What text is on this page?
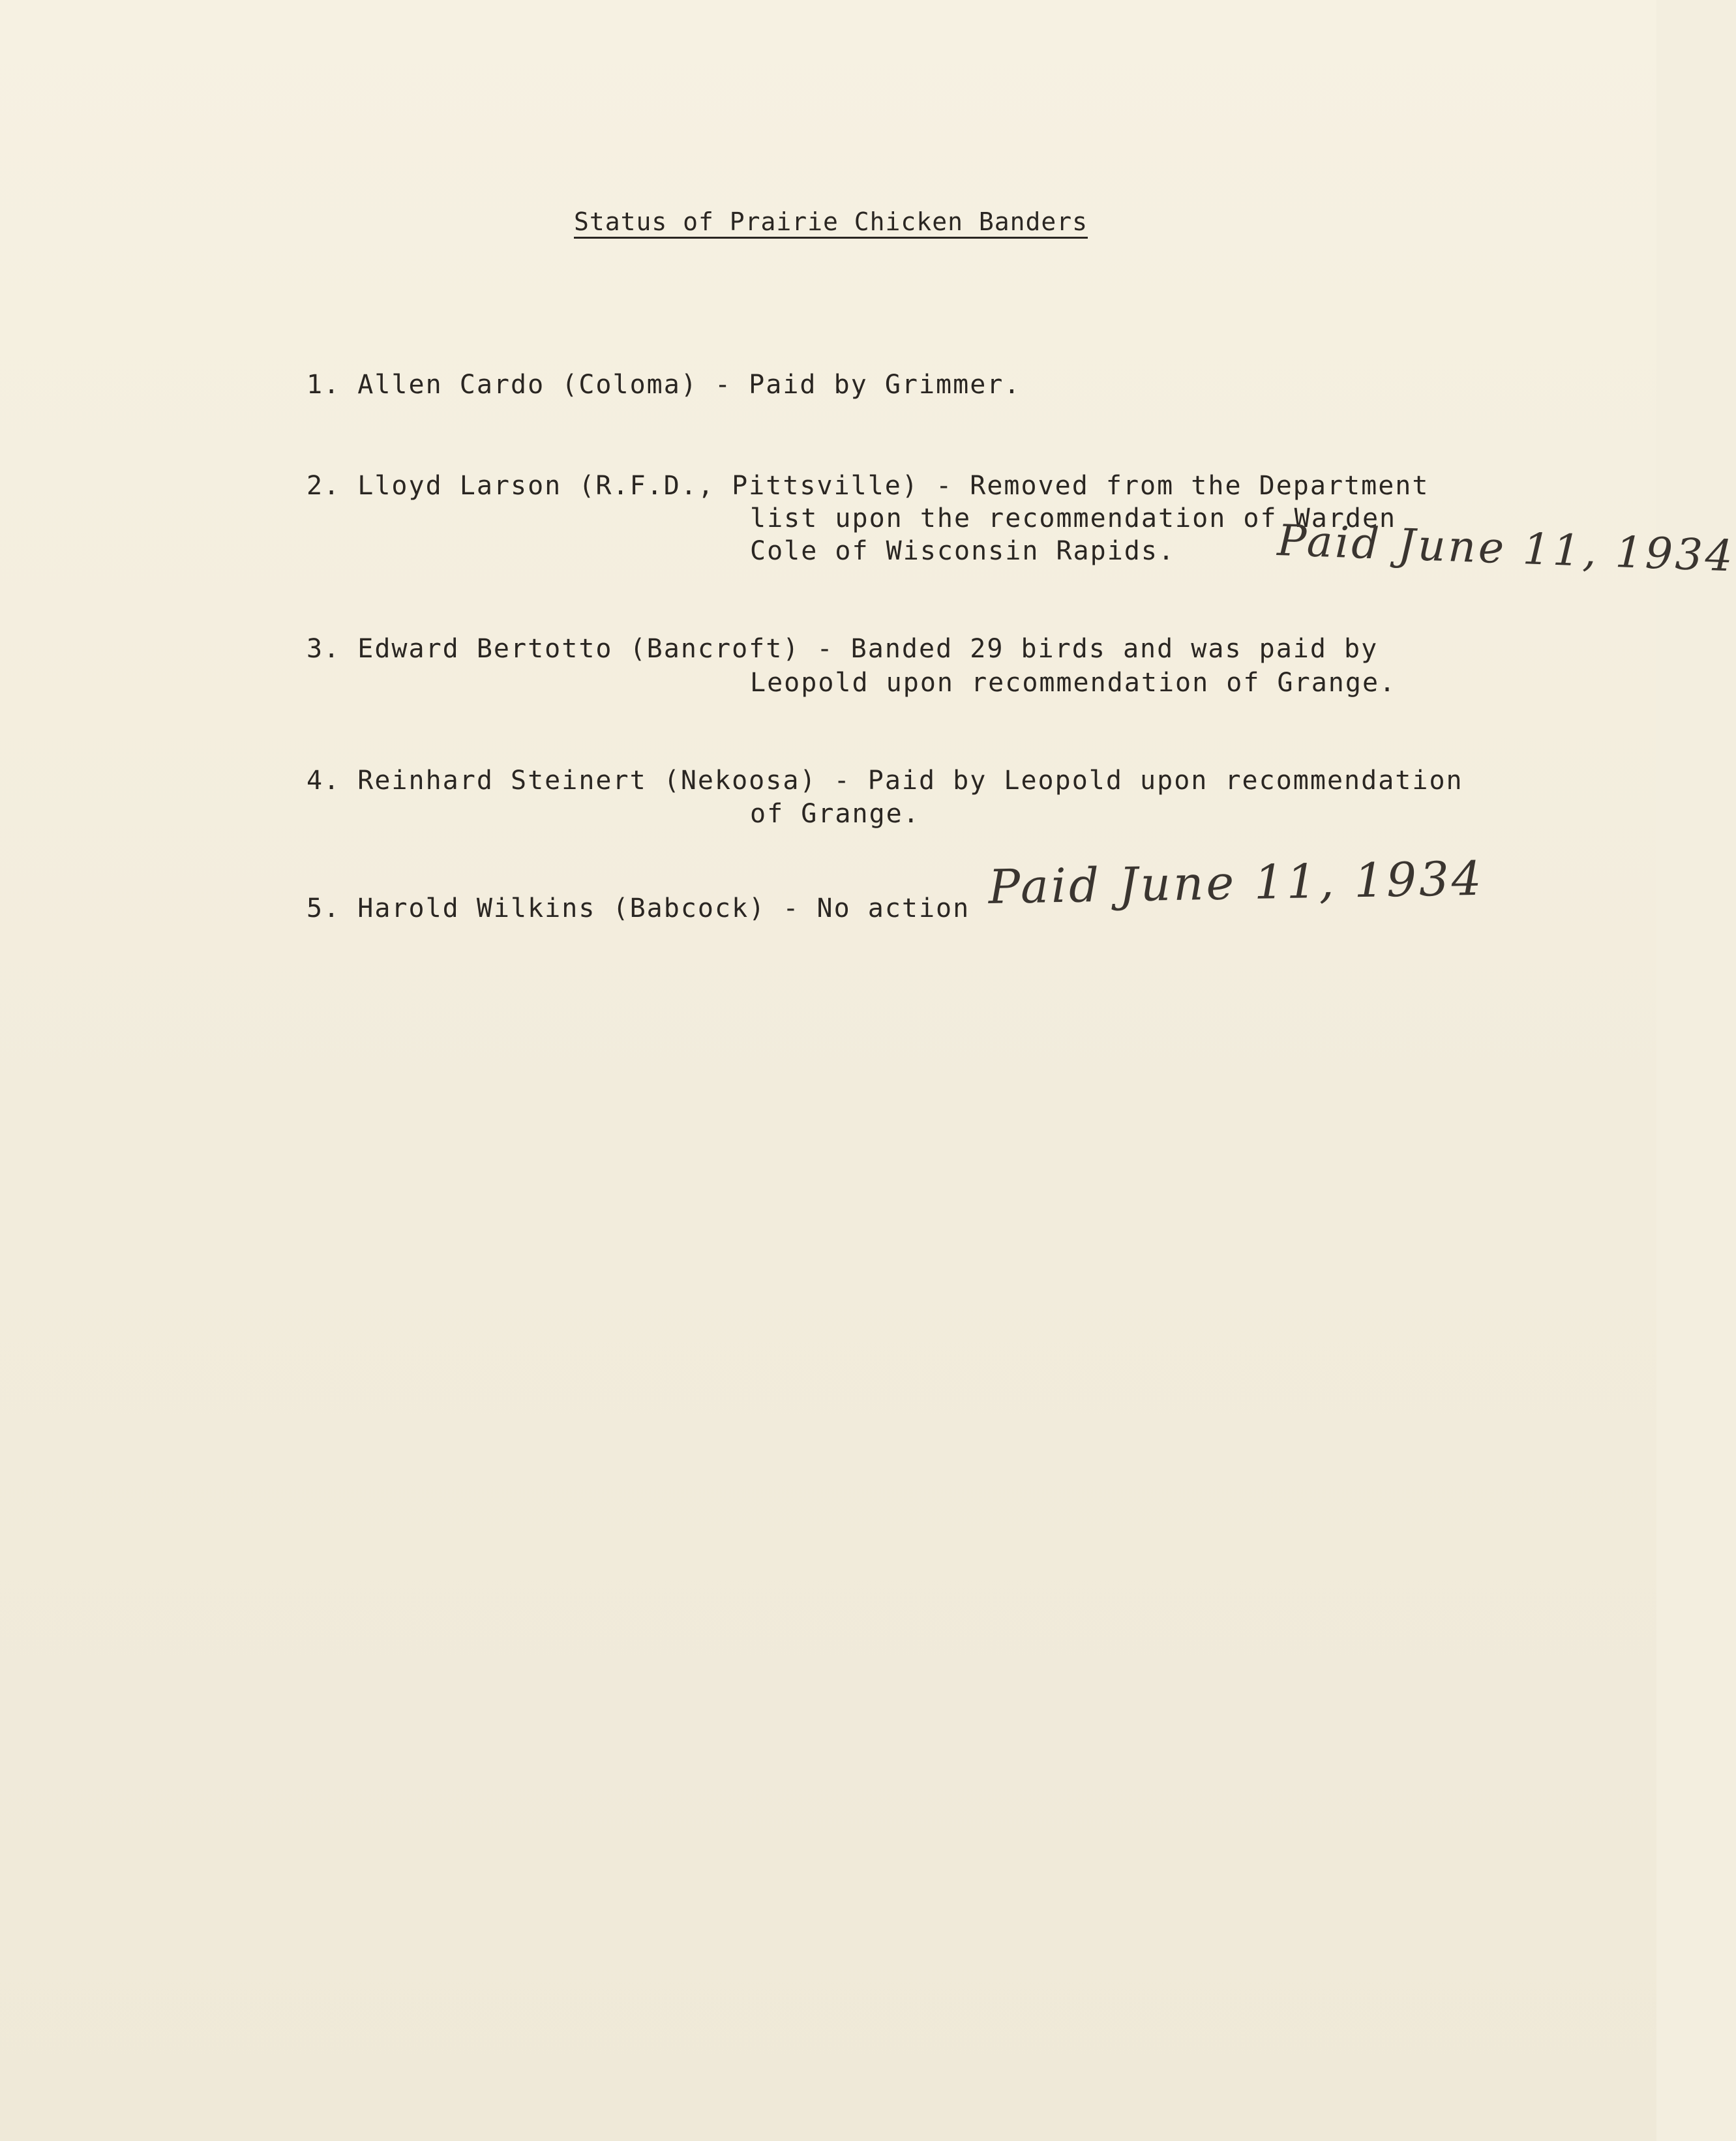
Status of Prairie Chicken Banders
1. Allen Cardo (Coloma) - Paid by Grimmer.
2. Lloyd Larson (R.F.D., Pittsville) - Removed from the Department
list upon the recommendation of Warden
Cole of Wisconsin Rapids. Paid June 11, 1934
3. Edward Bertotto (Bancroft) - Banded 29 birds and was paid by
Leopold upon recommendation of Grange.
4. Reinhard Steinert (Nekoosa) - Paid by Leopold upon recommendation
of Grange.
5. Harold Wilkins (Babcock) - No action Paid June 11, 1934
